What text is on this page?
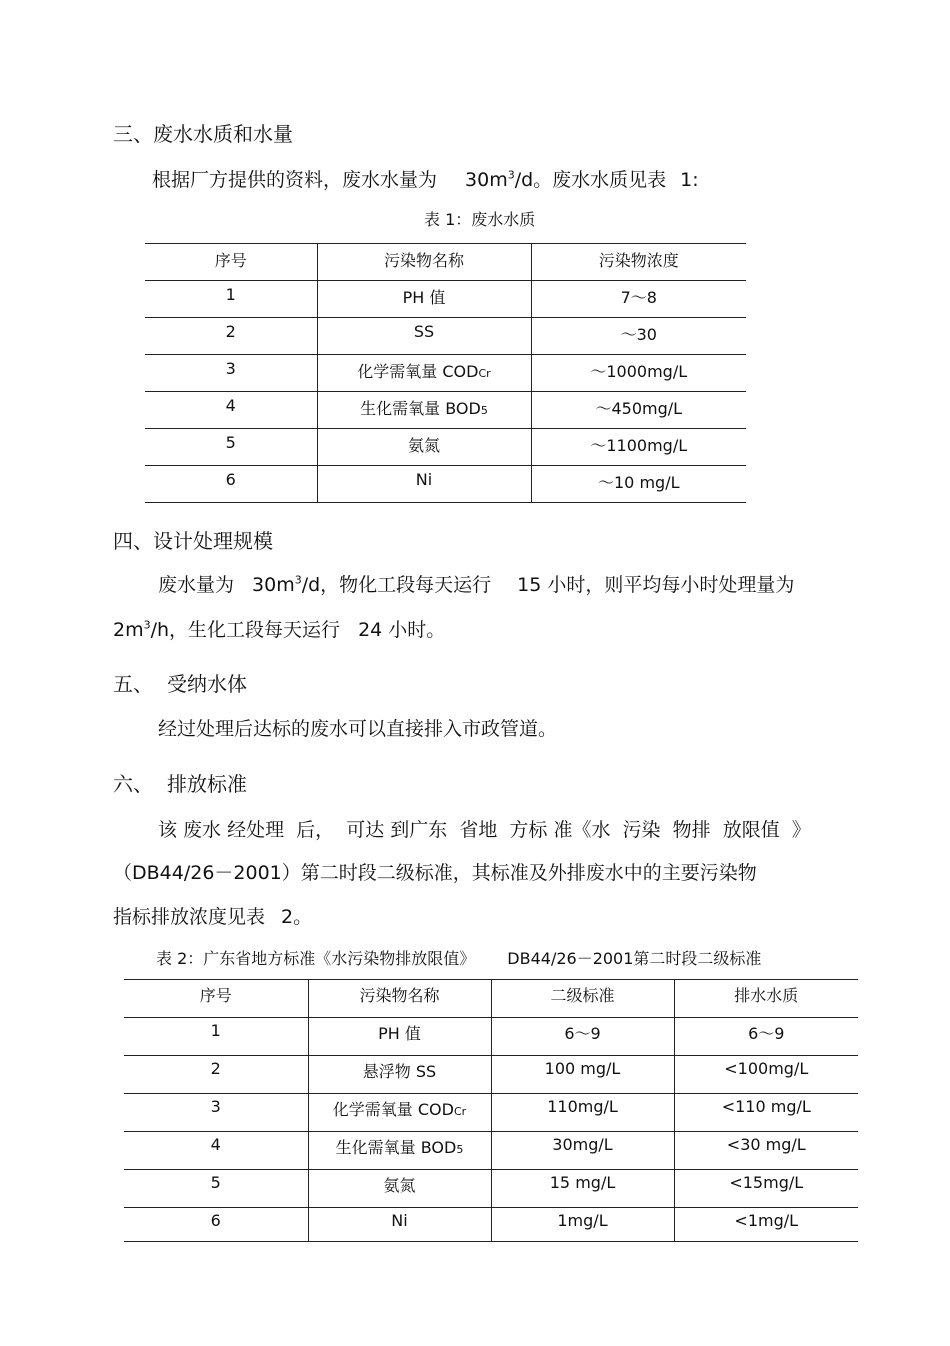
三、废水水质和水量
根据厂方提供的资料，废水水量为 $30m^3/d$。废水水质见表 1:
表 1：废水水质
序号	污染物名称	污染物浓度
1	PH 值	7～8
2	SS	～30
3	化学需氧量 CODCr	～1000mg/L
4	生化需氧量 BOD5	～450mg/L
5	氨氮	～1100mg/L
6	Ni	～10 mg/L
四、设计处理规模
废水量为 $30m^3/d$，物化工段每天运行 15 小时，则平均每小时处理量为
$2m^3/h$，生化工段每天运行 24 小时。
五、 受纳水体
经过处理后达标的废水可以直接排入市政管道。
六、 排放标准
该 废水 经处理  后，  可达 到广东  省地  方标 准《水  污染  物排  放限值  》
（DB44/26－2001）第二时段二级标准，其标准及外排废水中的主要污染物
指标排放浓度见表 2。
表 2：广东省地方标准《水污染物排放限值》 DB44/26－2001第二时段二级标准
序号	污染物名称	二级标准	排水水质
1	PH 值	6～9	6～9
2	悬浮物 SS	100 mg/L	<100mg/L
3	化学需氧量 CODCr	110mg/L	<110 mg/L
4	生化需氧量 BOD5	30mg/L	<30 mg/L
5	氨氮	15 mg/L	<15mg/L
6	Ni	1mg/L	<1mg/L
